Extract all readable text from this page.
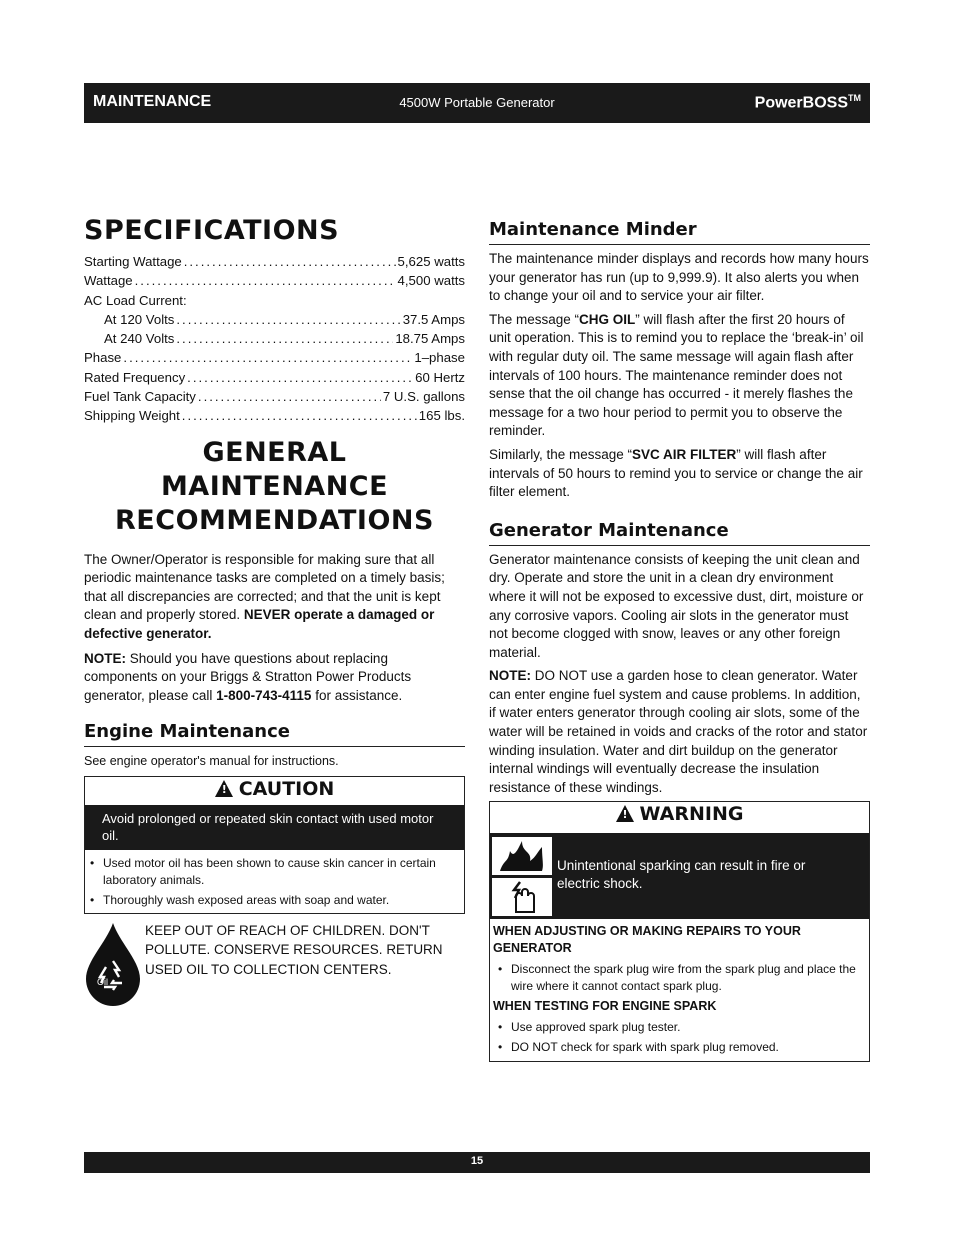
MAINTENANCE	4500W Portable Generator	PowerBOSS™
SPECIFICATIONS
Starting Wattage .....	5,625 watts
Wattage .....	4,500 watts
AC Load Current:
At 120 Volts .....	37.5 Amps
At 240 Volts .....	18.75 Amps
Phase .....	1–phase
Rated Frequency .....	60 Hertz
Fuel Tank Capacity .....	7 U.S. gallons
Shipping Weight .....	165 lbs.
GENERAL MAINTENANCE
RECOMMENDATIONS

The Owner/Operator is responsible for making sure that all periodic maintenance tasks are completed on a timely basis; that all discrepancies are corrected; and that the unit is kept clean and properly stored. NEVER operate a damaged or defective generator.

NOTE: Should you have questions about replacing components on your Briggs & Stratton Power Products generator, please call 1-800-743-4115 for assistance.

Engine Maintenance

See engine operator's manual for instructions.

!CAUTION
Avoid prolonged or repeated skin contact with used motor oil.
• Used motor oil has been shown to cause skin cancer in certain laboratory animals.
• Thoroughly wash exposed areas with soap and water.
Oil

KEEP OUT OF REACH OF CHILDREN. DON'T POLLUTE. CONSERVE RESOURCES. RETURN USED OIL TO COLLECTION CENTERS.

Maintenance Minder

The maintenance minder displays and records how many hours your generator has run (up to 9,999.9). It also alerts you when to change your oil and to service your air filter.

The message “CHG OIL” will flash after the first 20 hours of unit operation. This is to remind you to replace the ‘break-in’ oil with regular duty oil. The same message will again flash after intervals of 100 hours. The maintenance reminder does not sense that the oil change has occurred - it merely flashes the message for a two hour period to permit you to observe the reminder.

Similarly, the message “SVC AIR FILTER” will flash after intervals of 50 hours to remind you to service or change the air filter element.

Generator Maintenance

Generator maintenance consists of keeping the unit clean and dry. Operate and store the unit in a clean dry environment where it will not be exposed to excessive dust, dirt, moisture or any corrosive vapors. Cooling air slots in the generator must not become clogged with snow, leaves or any other foreign material.

NOTE: DO NOT use a garden hose to clean generator. Water can enter engine fuel system and cause problems. In addition, if water enters generator through cooling air slots, some of the water will be retained in voids and cracks of the rotor and stator winding insulation. Water and dirt buildup on the generator internal windings will eventually decrease the insulation resistance of these windings.

!WARNING
Unintentional sparking can result in fire or electric shock.
WHEN ADJUSTING OR MAKING REPAIRS TO YOUR GENERATOR
• Disconnect the spark plug wire from the spark plug and place the wire where it cannot contact spark plug.
WHEN TESTING FOR ENGINE SPARK
• Use approved spark plug tester.
• DO NOT check for spark with spark plug removed.
15
